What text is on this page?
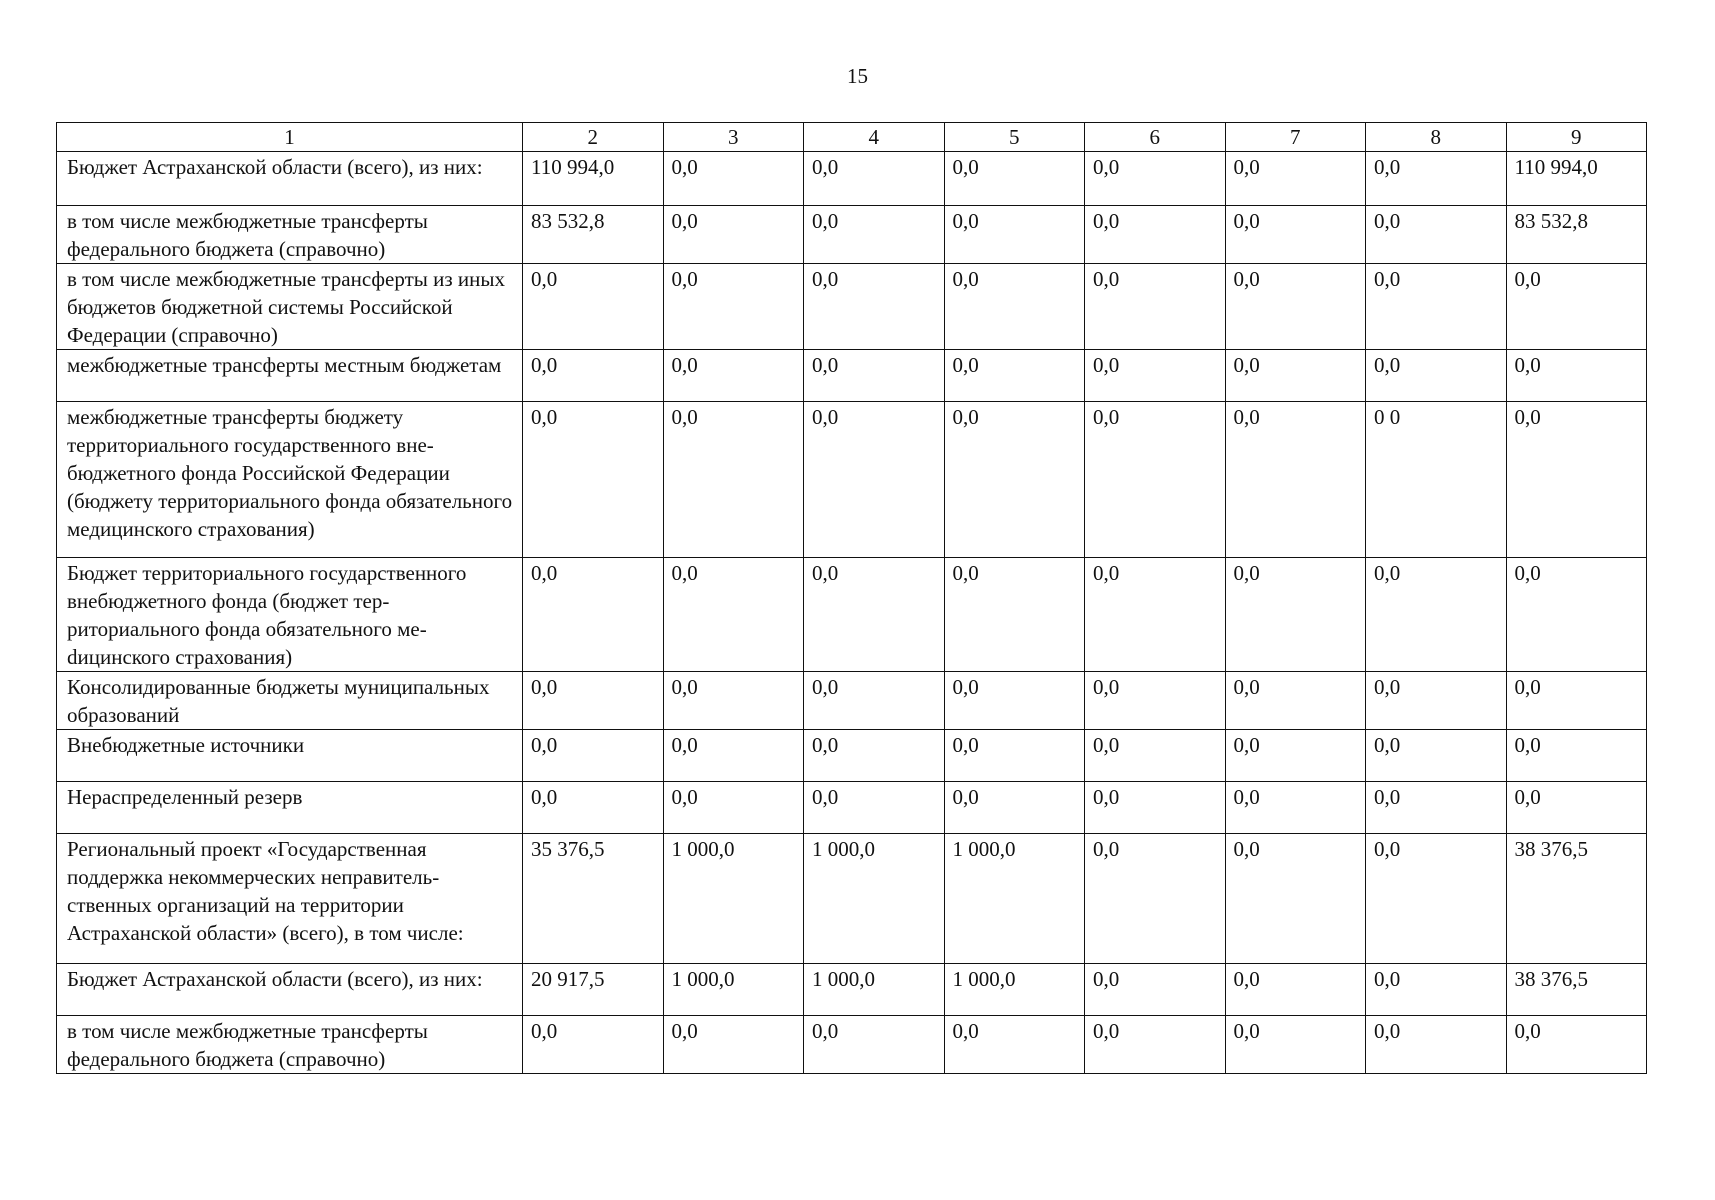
15
1	2	3	4	5	6	7	8	9
Бюджет Астраханской области (всего), из них:	110 994,0	0,0	0,0	0,0	0,0	0,0	0,0	110 994,0
в том числе межбюджетные трансферты федерального бюджета (справочно)	83 532,8	0,0	0,0	0,0	0,0	0,0	0,0	83 532,8
в том числе межбюджетные трансферты из иных бюджетов бюджетной системы Российской Федерации (справочно)	0,0	0,0	0,0	0,0	0,0	0,0	0,0	0,0
межбюджетные трансферты местным бюджетам	0,0	0,0	0,0	0,0	0,0	0,0	0,0	0,0
межбюджетные трансферты бюджету территориального государственного внебюджетного фонда Российской Федерации (бюджету территориального фонда обязательного медицинского страхования)	0,0	0,0	0,0	0,0	0,0	0,0	0 0	0,0
Бюджет территориального государственного внебюджетного фонда (бюджет территориального фонда обязательного меdицинского страхования)	0,0	0,0	0,0	0,0	0,0	0,0	0,0	0,0
Консолидированные бюджеты муниципальных образований	0,0	0,0	0,0	0,0	0,0	0,0	0,0	0,0
Внебюджетные источники	0,0	0,0	0,0	0,0	0,0	0,0	0,0	0,0
Нераспределенный резерв	0,0	0,0	0,0	0,0	0,0	0,0	0,0	0,0
Региональный проект «Государственная поддержка некоммерческих неправительственных организаций на территории Астраханской области» (всего), в том числе:	35 376,5	1 000,0	1 000,0	1 000,0	0,0	0,0	0,0	38 376,5
Бюджет Астраханской области (всего), из них:	20 917,5	1 000,0	1 000,0	1 000,0	0,0	0,0	0,0	38 376,5
в том числе межбюджетные трансферты федерального бюджета (справочно)	0,0	0,0	0,0	0,0	0,0	0,0	0,0	0,0
